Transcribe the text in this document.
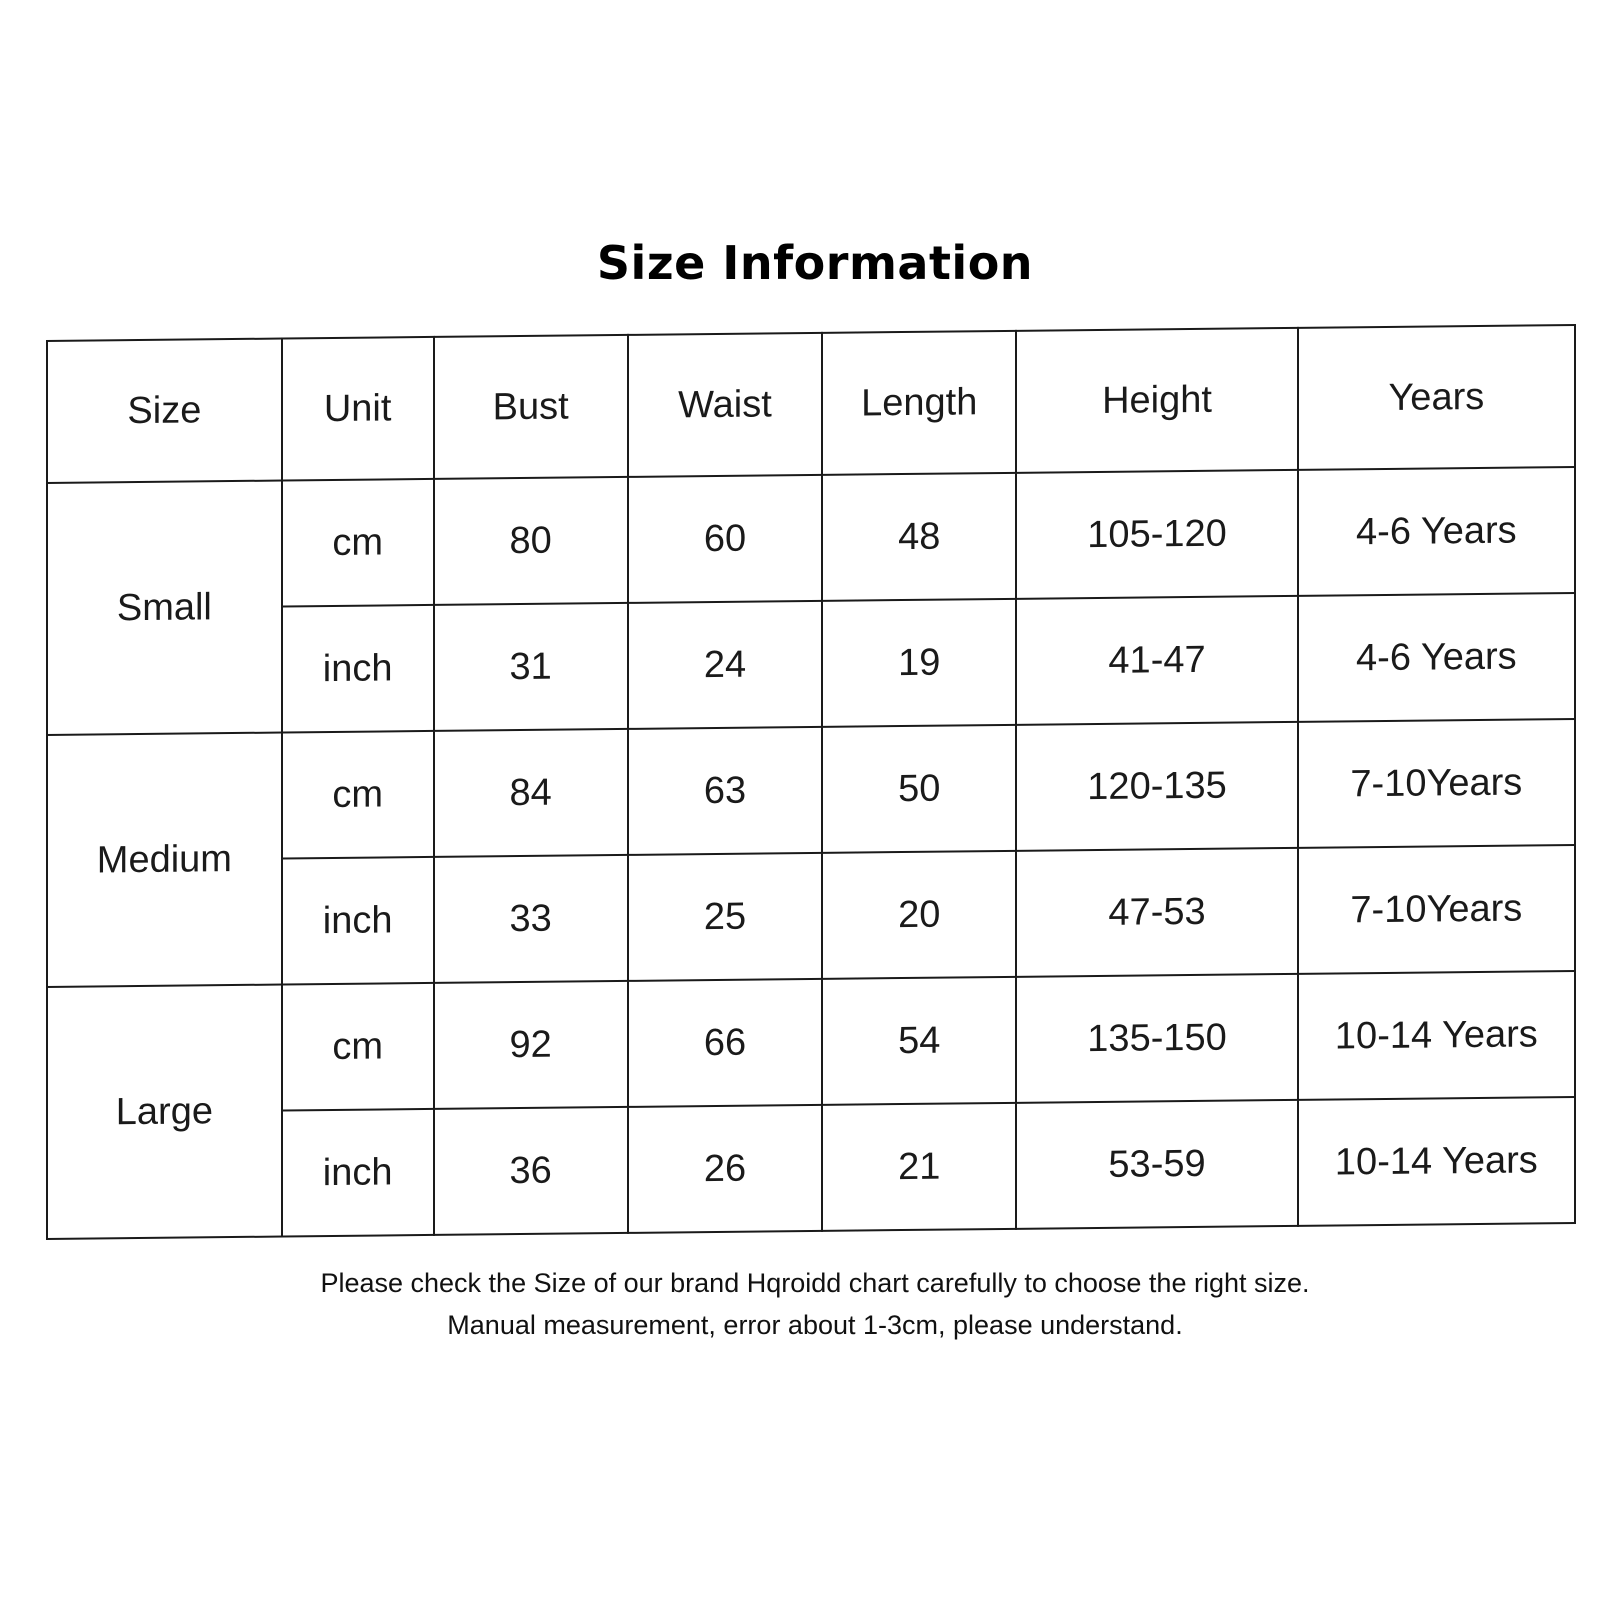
Size Information
Size	Unit	Bust	Waist	Length	Height	Years
Small	cm	80	60	48	105-120	4-6 Years
	inch	31	24	19	41-47	4-6 Years
Medium	cm	84	63	50	120-135	7-10Years
	inch	33	25	20	47-53	7-10Years
Large	cm	92	66	54	135-150	10-14 Years
	inch	36	26	21	53-59	10-14 Years

Please check the Size of our brand Hqroidd chart carefully to choose the right size.

Manual measurement, error about 1-3cm, please understand.
